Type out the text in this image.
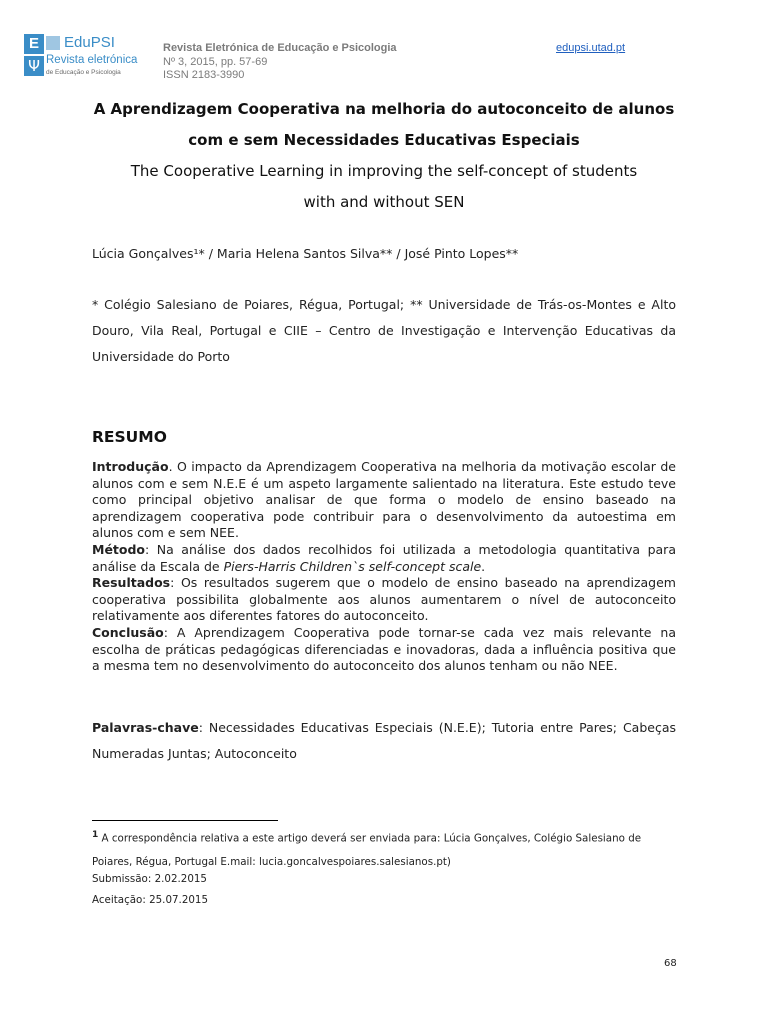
E
Ψ
EduPSI
Revista eletrónica
de Educação e Psicologia
Revista Eletrónica de Educação e Psicologia
Nº 3, 2015, pp. 57-69
ISSN 2183-3990
edupsi.utad.pt
A Aprendizagem Cooperativa na melhoria do autoconceito de alunos
com e sem Necessidades Educativas Especiais
The Cooperative Learning in improving the self-concept of students
with and without SEN
Lúcia Gonçalves¹* / Maria Helena Santos Silva** / José Pinto Lopes**
* Colégio Salesiano de Poiares, Régua, Portugal; ** Universidade de Trás-os-Montes e Alto Douro, Vila Real, Portugal e CIIE – Centro de Investigação e Intervenção Educativas da Universidade do Porto
RESUMO

Introdução. O impacto da Aprendizagem Cooperativa na melhoria da motivação escolar de alunos com e sem N.E.E é um aspeto largamente salientado na literatura. Este estudo teve como principal objetivo analisar de que forma o modelo de ensino baseado na aprendizagem cooperativa pode contribuir para o desenvolvimento da autoestima em alunos com e sem NEE.

Método: Na análise dos dados recolhidos foi utilizada a metodologia quantitativa para análise da Escala de Piers-Harris Children`s self-concept scale.

Resultados: Os resultados sugerem que o modelo de ensino baseado na aprendizagem cooperativa possibilita globalmente aos alunos aumentarem o nível de autoconceito relativamente aos diferentes fatores do autoconceito.

Conclusão: A Aprendizagem Cooperativa pode tornar-se cada vez mais relevante na escolha de práticas pedagógicas diferenciadas e inovadoras, dada a influência positiva que a mesma tem no desenvolvimento do autoconceito dos alunos tenham ou não NEE.

Palavras-chave: Necessidades Educativas Especiais (N.E.E); Tutoria entre Pares; Cabeças Numeradas Juntas; Autoconceito
$^1$ A correspondência relativa a este artigo deverá ser enviada para: Lúcia Gonçalves, Colégio Salesiano de Poiares, Régua, Portugal E.mail: lucia.goncalvespoiares.salesianos.pt)
Submissão: 2.02.2015
Aceitação: 25.07.2015
68
